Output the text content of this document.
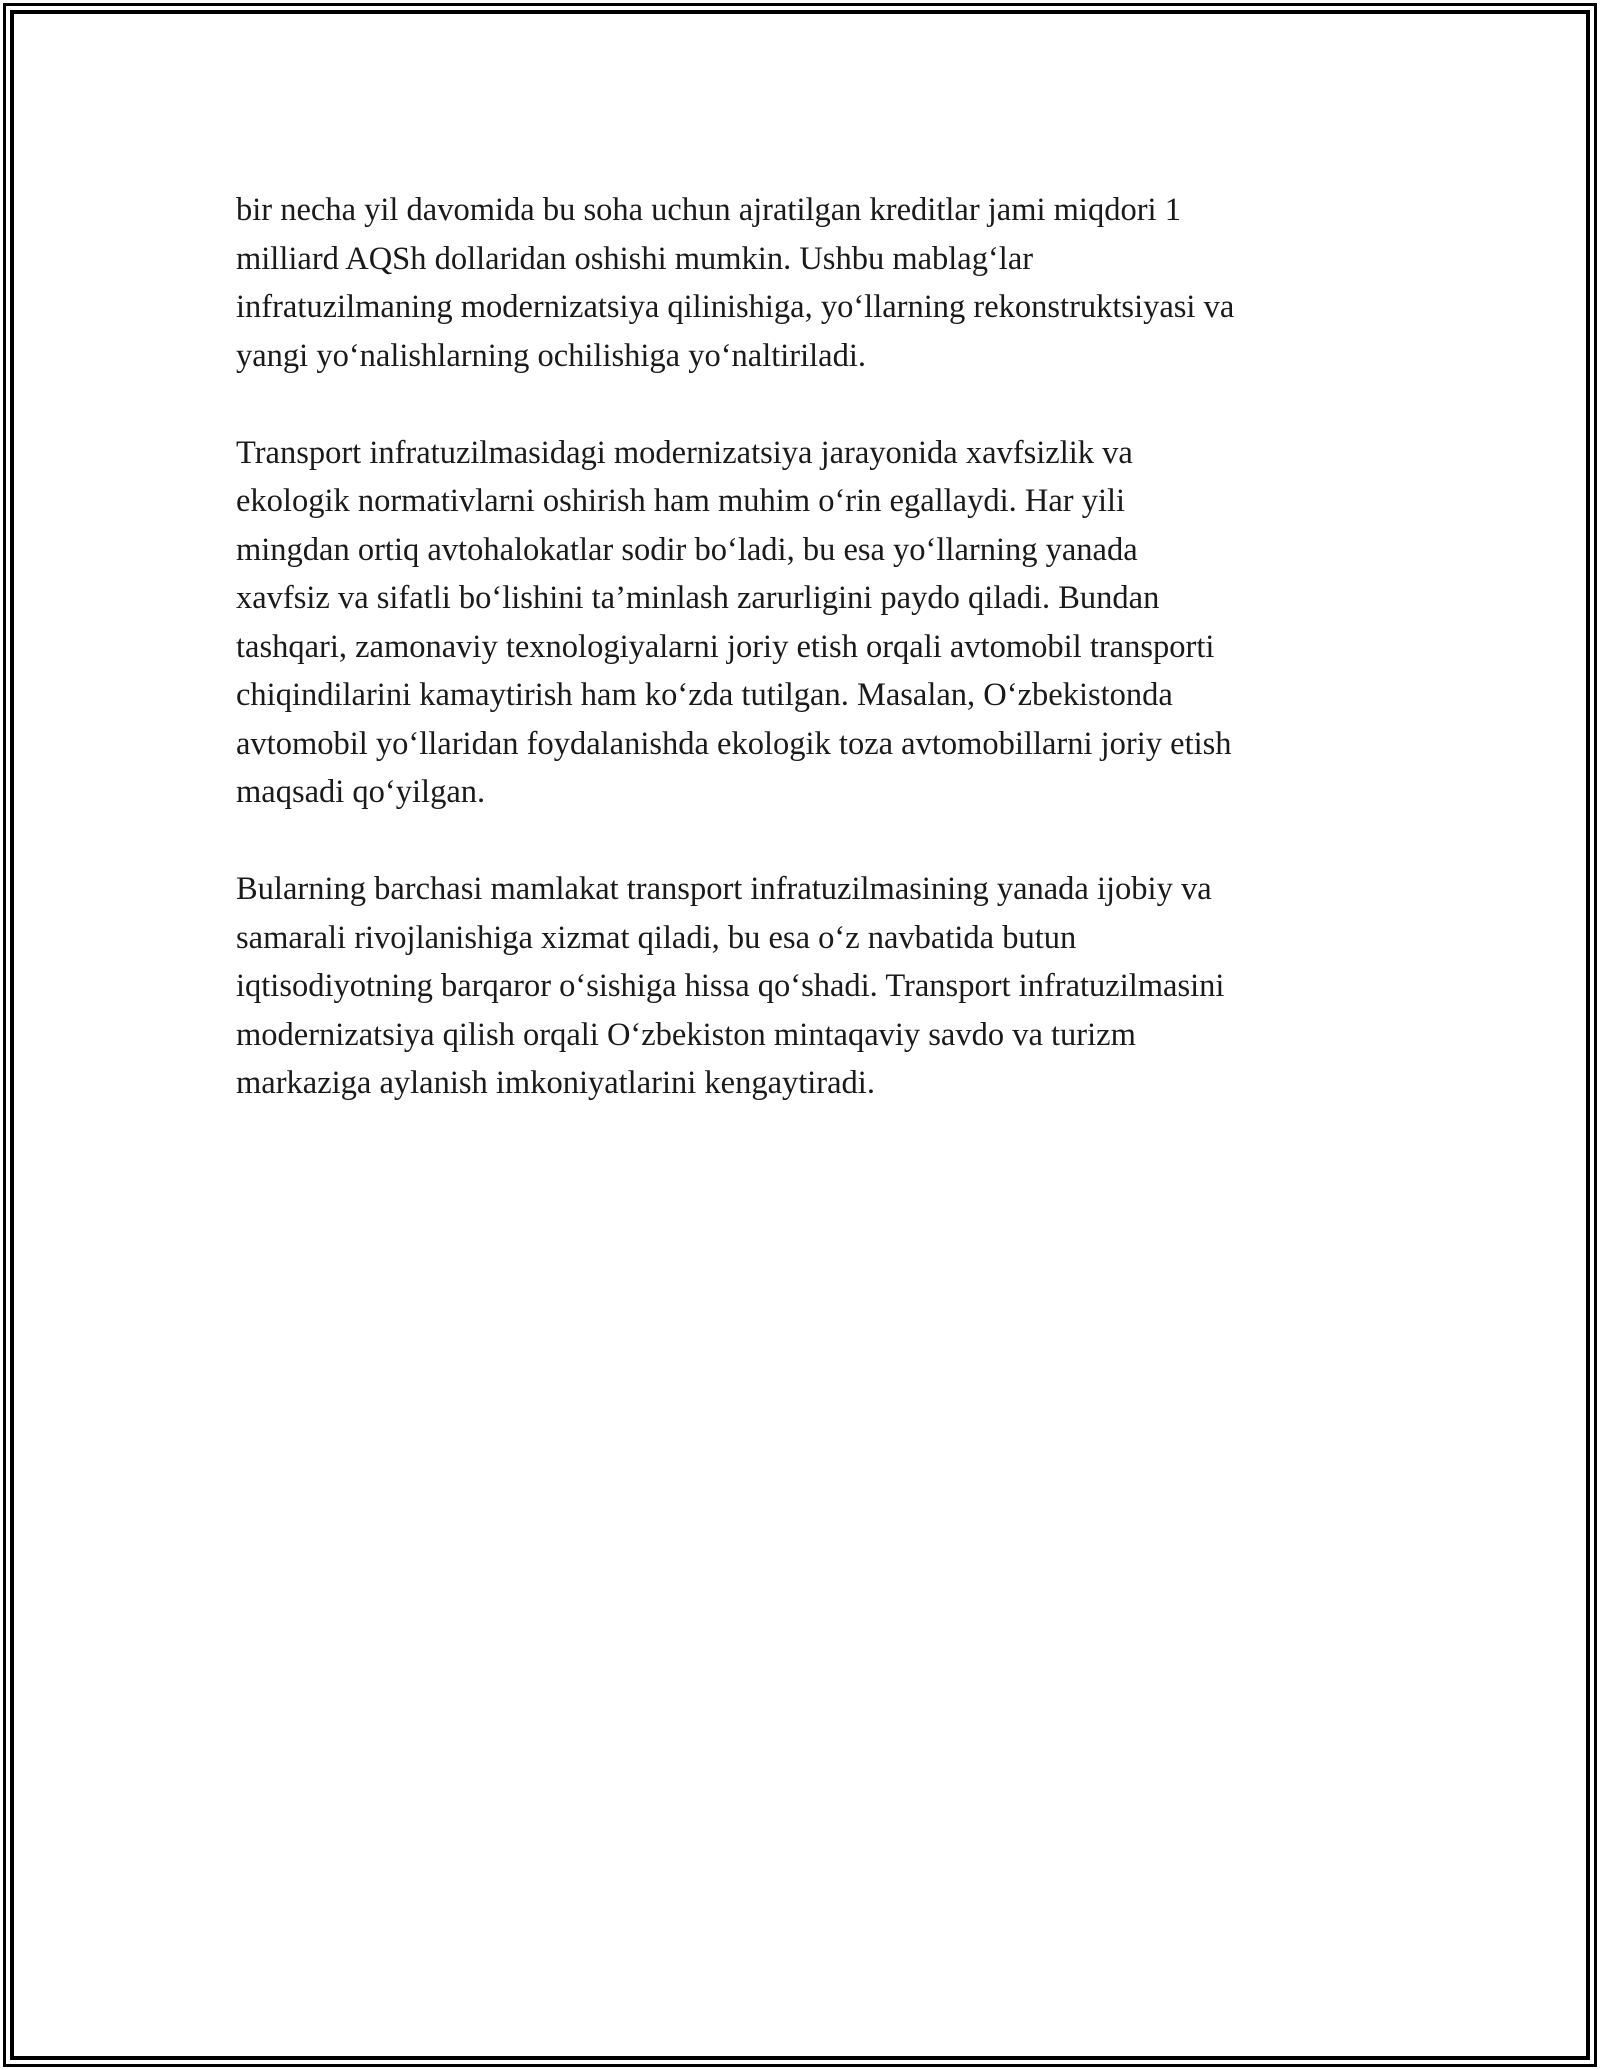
bir necha yil davomida bu soha uchun ajratilgan kreditlar jami miqdori 1
milliard AQSh dollaridan oshishi mumkin. Ushbu mablag‘lar
infratuzilmaning modernizatsiya qilinishiga, yo‘llarning rekonstruktsiyasi va
yangi yo‘nalishlarning ochilishiga yo‘naltiriladi.

Transport infratuzilmasidagi modernizatsiya jarayonida xavfsizlik va
ekologik normativlarni oshirish ham muhim o‘rin egallaydi. Har yili
mingdan ortiq avtohalokatlar sodir bo‘ladi, bu esa yo‘llarning yanada
xavfsiz va sifatli bo‘lishini ta’minlash zarurligini paydo qiladi. Bundan
tashqari, zamonaviy texnologiyalarni joriy etish orqali avtomobil transporti
chiqindilarini kamaytirish ham ko‘zda tutilgan. Masalan, O‘zbekistonda
avtomobil yo‘llaridan foydalanishda ekologik toza avtomobillarni joriy etish
maqsadi qo‘yilgan.

Bularning barchasi mamlakat transport infratuzilmasining yanada ijobiy va
samarali rivojlanishiga xizmat qiladi, bu esa o‘z navbatida butun
iqtisodiyotning barqaror o‘sishiga hissa qo‘shadi. Transport infratuzilmasini
modernizatsiya qilish orqali O‘zbekiston mintaqaviy savdo va turizm
markaziga aylanish imkoniyatlarini kengaytiradi.
